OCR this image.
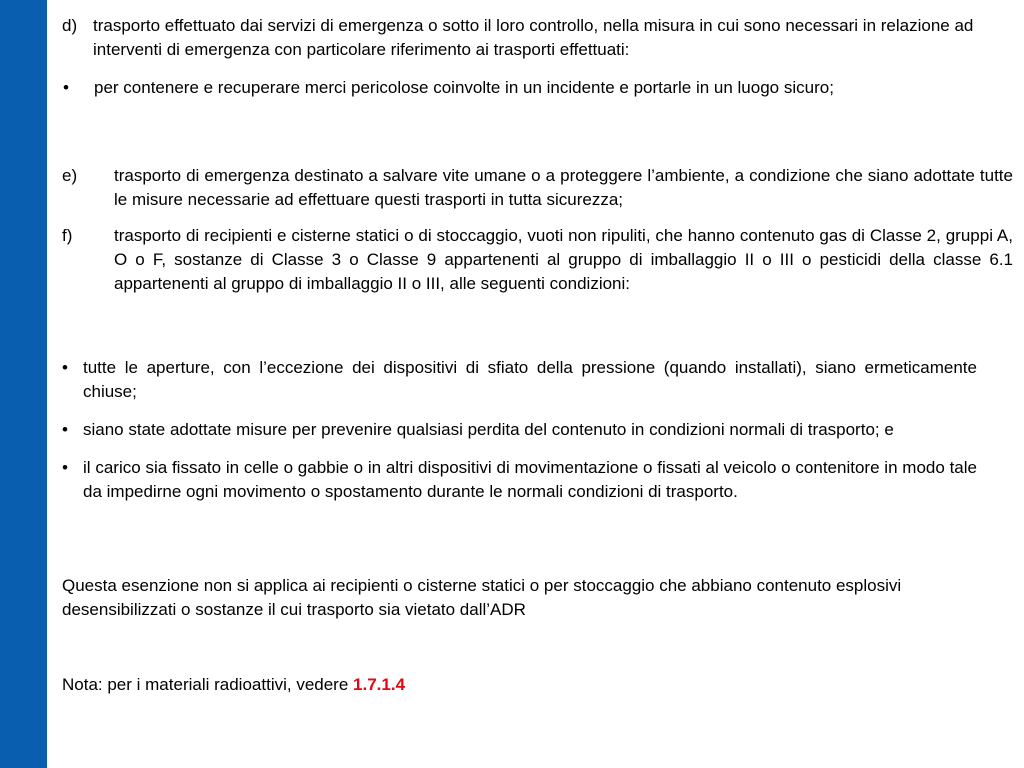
d) trasporto effettuato dai servizi di emergenza o sotto il loro controllo, nella misura in cui sono necessari in relazione ad interventi di emergenza con particolare riferimento ai trasporti effettuati:
•	per contenere e recuperare merci pericolose coinvolte in un incidente e portarle in un luogo sicuro;
e)	trasporto di emergenza destinato a salvare vite umane o a proteggere l’ambiente, a condizione che siano adottate tutte le misure necessarie ad effettuare questi trasporti in tutta sicurezza;
f)	trasporto di recipienti e cisterne statici o di stoccaggio, vuoti non ripuliti, che hanno contenuto gas di Classe 2, gruppi A, O o F, sostanze di Classe 3 o Classe 9 appartenenti al gruppo di imballaggio II o III o pesticidi della classe 6.1 appartenenti al gruppo di imballaggio II o III, alle seguenti condizioni:
• tutte le aperture, con l’eccezione dei dispositivi di sfiato della pressione (quando installati), siano ermeticamente chiuse;
• siano state adottate misure per prevenire qualsiasi perdita del contenuto in condizioni normali di trasporto; e
• il carico sia fissato in celle o gabbie o in altri dispositivi di movimentazione o fissati al veicolo o contenitore in modo tale da impedirne ogni movimento o spostamento durante le normali condizioni di trasporto.
Questa esenzione non si applica ai recipienti o cisterne statici o per stoccaggio che abbiano contenuto esplosivi desensibilizzati o sostanze il cui trasporto sia vietato dall’ADR
Nota: per i materiali radioattivi, vedere 1.7.1.4
